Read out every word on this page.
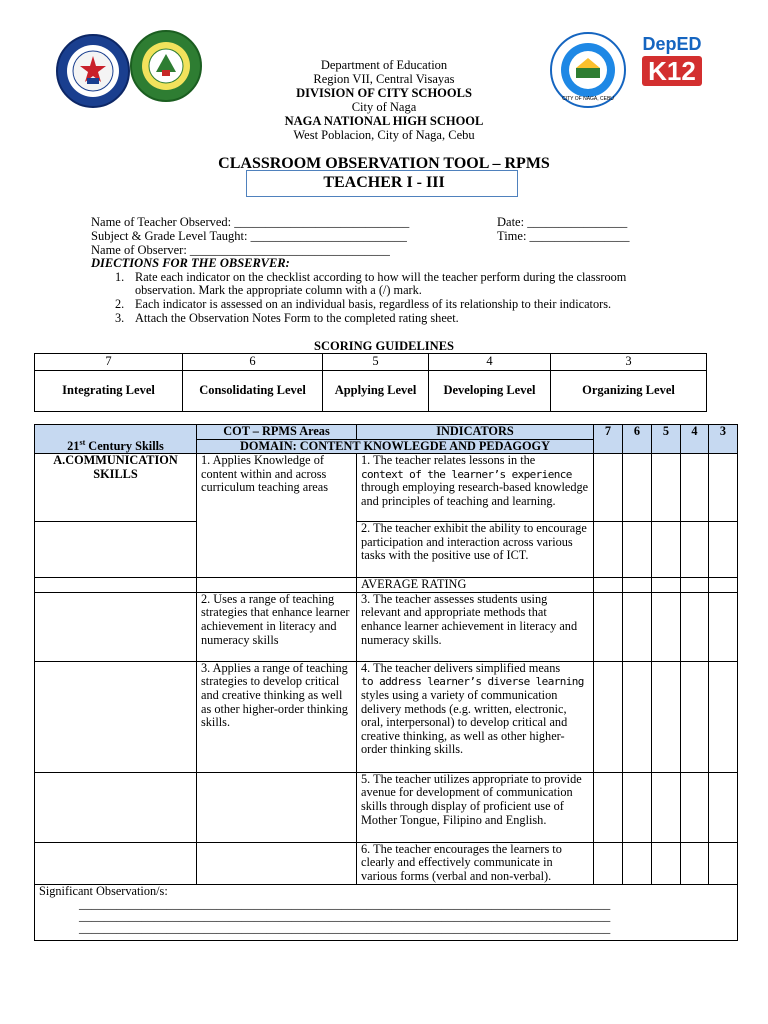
CITY OF NAGA, CEBU
DepED
K12
Department of Education
Region VII, Central Visayas
DIVISION OF CITY SCHOOLS
City of Naga
NAGA NATIONAL HIGH SCHOOL
West Poblacion, City of Naga, Cebu
CLASSROOM OBSERVATION TOOL – RPMS
TEACHER I - III
Name of Teacher Observed: ____________________________	Date: ________________
Subject & Grade Level Taught: _________________________	Time: ________________
Name of Observer: ________________________________
DIECTIONS FOR THE OBSERVER:
1. Rate each indicator on the checklist according to how will the teacher perform during the classroom observation. Mark the appropriate column with a (/) mark.
2. Each indicator is assessed on an individual basis, regardless of its relationship to their indicators.
3. Attach the Observation Notes Form to the completed rating sheet.
SCORING GUIDELINES
7	6	5	4	3
Integrating Level	Consolidating Level	Applying Level	Developing Level	Organizing Level
21st Century Skills	COT – RPMS Areas	INDICATORS	7	6	5	4	3
	DOMAIN: CONTENT KNOWLEGDE AND PEDAGOGY						
A.COMMUNICATION SKILLS	1. Applies Knowledge of content within and across curriculum teaching areas	1. The teacher relates lessons in the
context of the learner’s experience
through employing research-based knowledge and principles of teaching and learning.					

		2. The teacher exhibit the ability to encourage participation and interaction across various tasks with the positive use of ICT.					
		AVERAGE RATING					
	2. Uses a range of teaching strategies that enhance learner achievement in literacy and numeracy skills	3. The teacher assesses students using relevant and appropriate methods that enhance learner achievement in literacy and numeracy skills.					
	3. Applies a range of teaching strategies to develop critical and creative thinking as well as other higher-order thinking skills.	4. The teacher delivers simplified means
to address learner’s diverse learning
styles using a variety of communication delivery methods (e.g. written, electronic, oral, interpersonal) to develop critical and creative thinking, as well as other higher-order thinking skills.					

		5. The teacher utilizes appropriate to provide avenue for development of communication skills through display of proficient use of Mother Tongue, Filipino and English.					
		6. The teacher encourages the learners to clearly and effectively communicate in various forms (verbal and non-verbal).					

Significant Observation/s:
_____________________________________________________________________________________
_____________________________________________________________________________________
_____________________________________________________________________________________							
